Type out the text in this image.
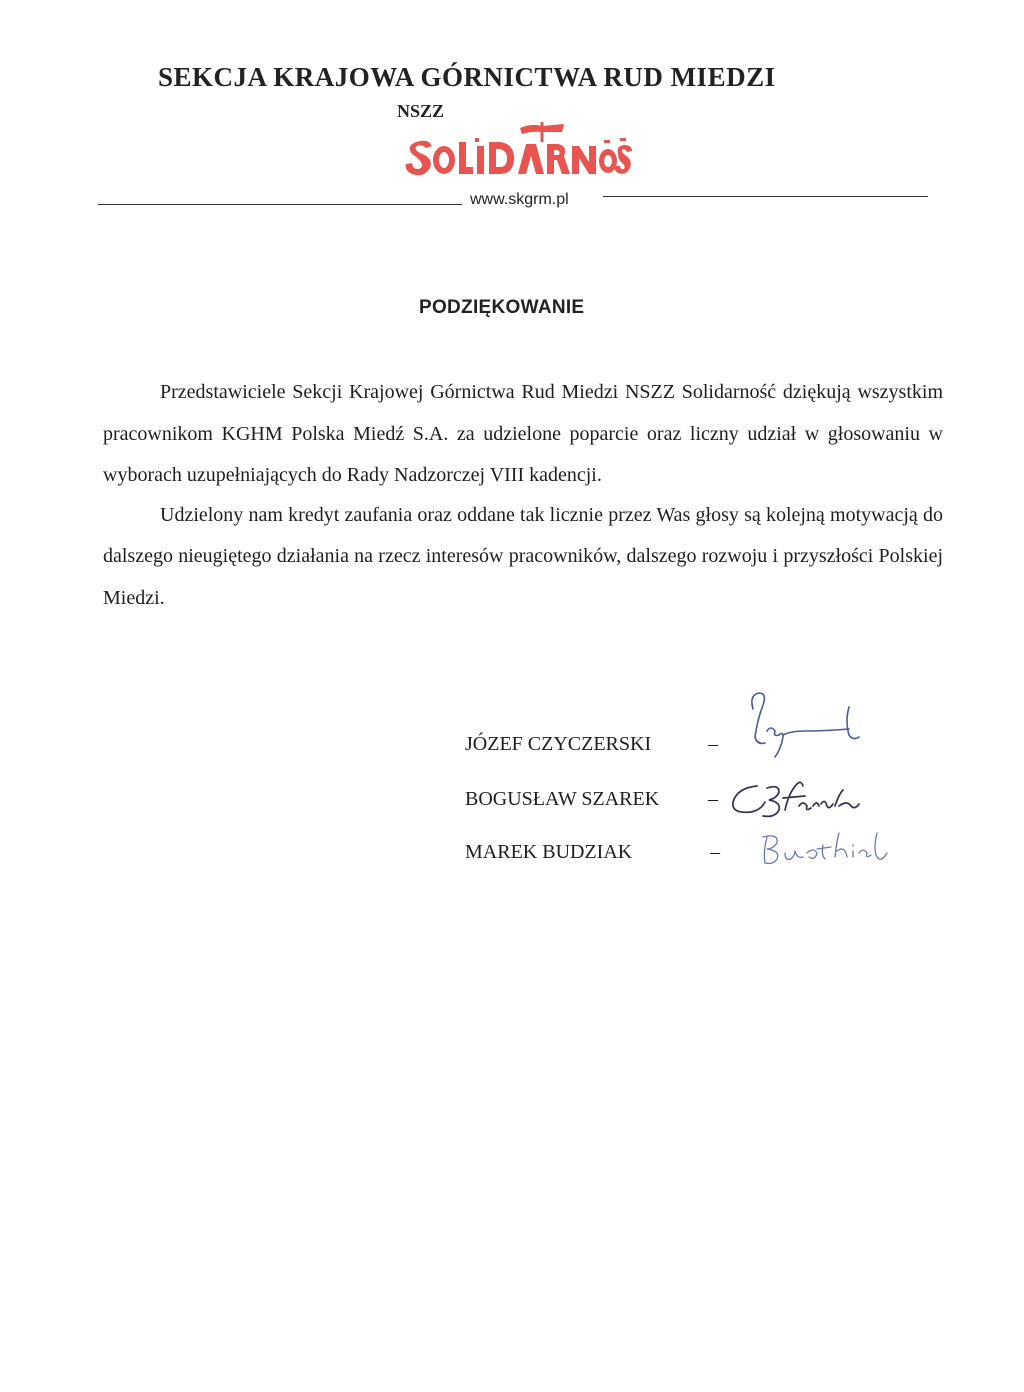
SEKCJA KRAJOWA GÓRNICTWA RUD MIEDZI
NSZZ
www.skgrm.pl
PODZIĘKOWANIE

Przedstawiciele Sekcji Krajowej Górnictwa Rud Miedzi NSZZ Solidarność dziękują wszystkim pracownikom KGHM Polska Miedź S.A. za udzielone poparcie oraz liczny udział w głosowaniu w wyborach uzupełniających do Rady Nadzorczej VIII kadencji.

Udzielony nam kredyt zaufania oraz oddane tak licznie przez Was głosy są kolejną motywacją do dalszego nieugiętego działania na rzecz interesów pracowników, dalszego rozwoju i przyszłości Polskiej Miedzi.

JÓZEF CZYCZERSKI	–
BOGUSŁAW SZAREK –
MAREK BUDZIAK	–
